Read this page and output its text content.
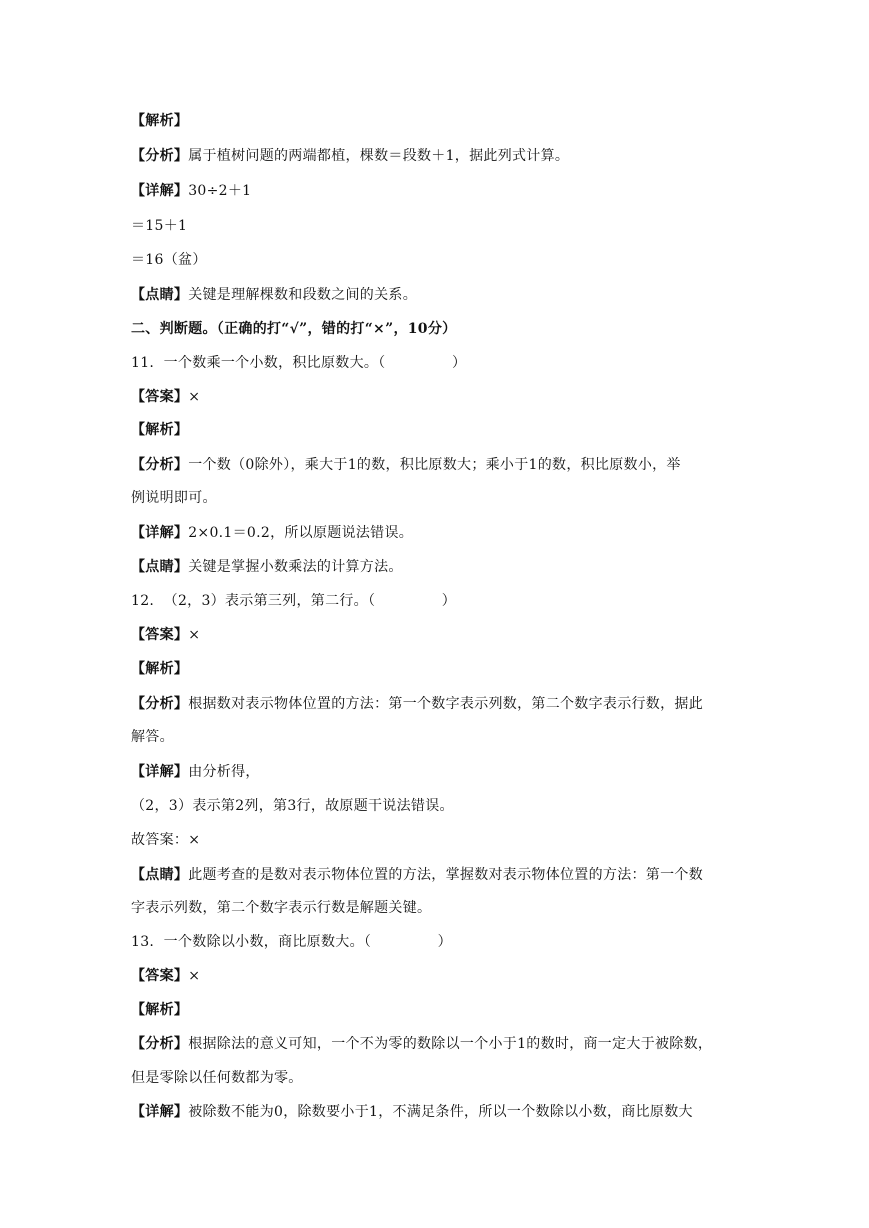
【解析】
【分析】属于植树问题的两端都植，棵数＝段数＋1，据此列式计算。
【详解】30÷2＋1
＝15＋1
＝16（盆）
【点睛】关键是理解棵数和段数之间的关系。
二、判断题。（正确的打“√”，错的打“×”，10分）
11.  一个数乘一个小数，积比原数大。（              ）
【答案】×
【解析】
【分析】一个数（0除外），乘大于1的数，积比原数大；乘小于1的数，积比原数小，举
例说明即可。
【详解】2×0.1＝0.2，所以原题说法错误。
【点睛】关键是掌握小数乘法的计算方法。
12.  （2，3）表示第三列，第二行。（              ）
【答案】×
【解析】
【分析】根据数对表示物体位置的方法：第一个数字表示列数，第二个数字表示行数，据此
解答。
【详解】由分析得，
（2，3）表示第2列，第3行，故原题干说法错误。
故答案：×
【点睛】此题考查的是数对表示物体位置的方法，掌握数对表示物体位置的方法：第一个数
字表示列数，第二个数字表示行数是解题关键。
13.  一个数除以小数，商比原数大。（              ）
【答案】×
【解析】
【分析】根据除法的意义可知，一个不为零的数除以一个小于1的数时，商一定大于被除数，
但是零除以任何数都为零。
【详解】被除数不能为0，除数要小于1，不满足条件，所以一个数除以小数，商比原数大
